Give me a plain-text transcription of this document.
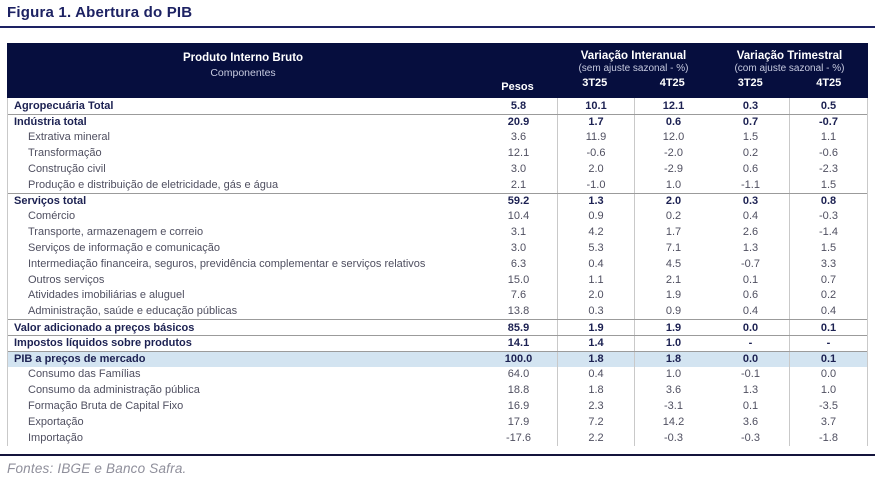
Figura 1. Abertura do PIB
Produto Interno Bruto
Componentes
Pesos
Variação Interanual
(sem ajuste sazonal - %)
3T25	4T25
Variação Trimestral
(com ajuste sazonal - %)
3T25	4T25
Agropecuária Total	5.8	10.1	12.1	0.3	0.5
Indústria total	20.9	1.7	0.6	0.7	-0.7
Extrativa mineral	3.6	11.9	12.0	1.5	1.1
Transformação	12.1	-0.6	-2.0	0.2	-0.6
Construção civil	3.0	2.0	-2.9	0.6	-2.3
Produção e distribuição de eletricidade, gás e água	2.1	-1.0	1.0	-1.1	1.5
Serviços total	59.2	1.3	2.0	0.3	0.8
Comércio	10.4	0.9	0.2	0.4	-0.3
Transporte, armazenagem e correio	3.1	4.2	1.7	2.6	-1.4
Serviços de informação e comunicação	3.0	5.3	7.1	1.3	1.5
Intermediação financeira, seguros, previdência complementar e serviços relativos	6.3	0.4	4.5	-0.7	3.3
Outros serviços	15.0	1.1	2.1	0.1	0.7
Atividades imobiliárias e aluguel	7.6	2.0	1.9	0.6	0.2
Administração, saúde e educação públicas	13.8	0.3	0.9	0.4	0.4
Valor adicionado a preços básicos	85.9	1.9	1.9	0.0	0.1
Impostos líquidos sobre produtos	14.1	1.4	1.0	-	-
PIB a preços de mercado	100.0	1.8	1.8	0.0	0.1
Consumo das Famílias	64.0	0.4	1.0	-0.1	0.0
Consumo da administração pública	18.8	1.8	3.6	1.3	1.0
Formação Bruta de Capital Fixo	16.9	2.3	-3.1	0.1	-3.5
Exportação	17.9	7.2	14.2	3.6	3.7
Importação	-17.6	2.2	-0.3	-0.3	-1.8
Fontes: IBGE e Banco Safra.
